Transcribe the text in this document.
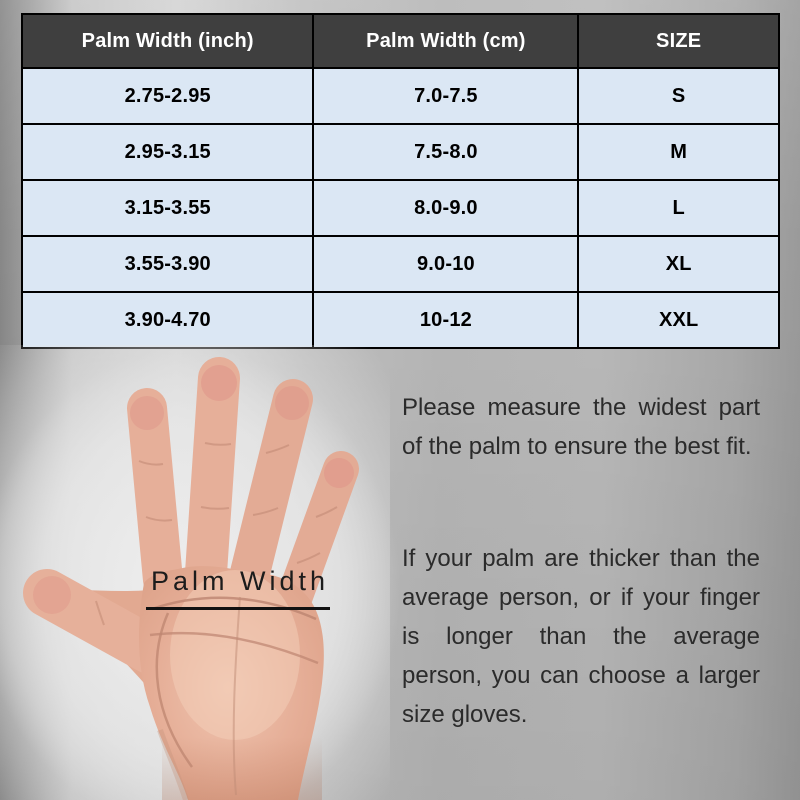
Palm Width (inch)	Palm Width (cm)	SIZE
2.75-2.95	7.0-7.5	S
2.95-3.15	7.5-8.0	M
3.15-3.55	8.0-9.0	L
3.55-3.90	9.0-10	XL
3.90-4.70	10-12	XXL
Palm Width

Please measure the widest part of the palm to ensure the best fit.

If your palm are thicker than the average person, or if your finger is longer than the average person, you can choose a larger size gloves.
